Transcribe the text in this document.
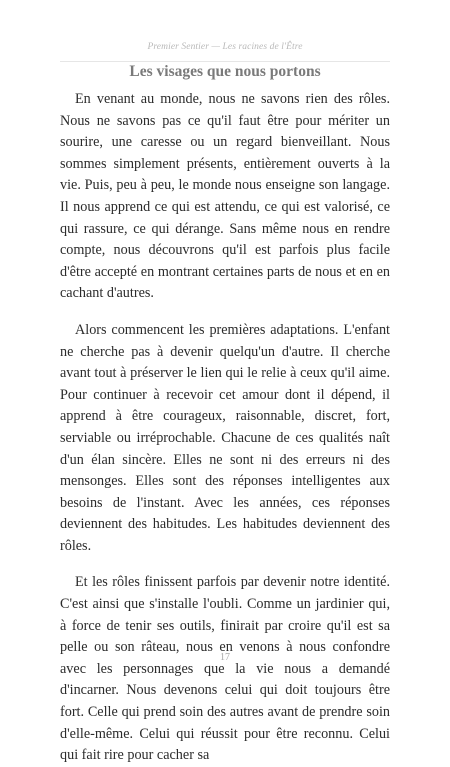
Premier Sentier — Les racines de l'Être
Les visages que nous portons

En venant au monde, nous ne savons rien des rôles. Nous ne savons pas ce qu'il faut être pour mériter un sourire, une caresse ou un regard bienveillant. Nous sommes simplement présents, entièrement ouverts à la vie. Puis, peu à peu, le monde nous enseigne son langage. Il nous apprend ce qui est attendu, ce qui est valorisé, ce qui rassure, ce qui dérange. Sans même nous en rendre compte, nous découvrons qu'il est parfois plus facile d'être accepté en montrant certaines parts de nous et en en cachant d'autres.

Alors commencent les premières adaptations. L'enfant ne cherche pas à devenir quelqu'un d'autre. Il cherche avant tout à préserver le lien qui le relie à ceux qu'il aime. Pour continuer à recevoir cet amour dont il dépend, il apprend à être courageux, raisonnable, discret, fort, serviable ou irréprochable. Chacune de ces qualités naît d'un élan sincère. Elles ne sont ni des erreurs ni des mensonges. Elles sont des réponses intelligentes aux besoins de l'instant. Avec les années, ces réponses deviennent des habitudes. Les habitudes deviennent des rôles.

Et les rôles finissent parfois par devenir notre identité. C'est ainsi que s'installe l'oubli. Comme un jardinier qui, à force de tenir ses outils, finirait par croire qu'il est sa pelle ou son râteau, nous en venons à nous confondre avec les personnages que la vie nous a demandé d'incarner. Nous devenons celui qui doit toujours être fort. Celle qui prend soin des autres avant de prendre soin d'elle-même. Celui qui réussit pour être reconnu. Celui qui fait rire pour cacher sa

17
